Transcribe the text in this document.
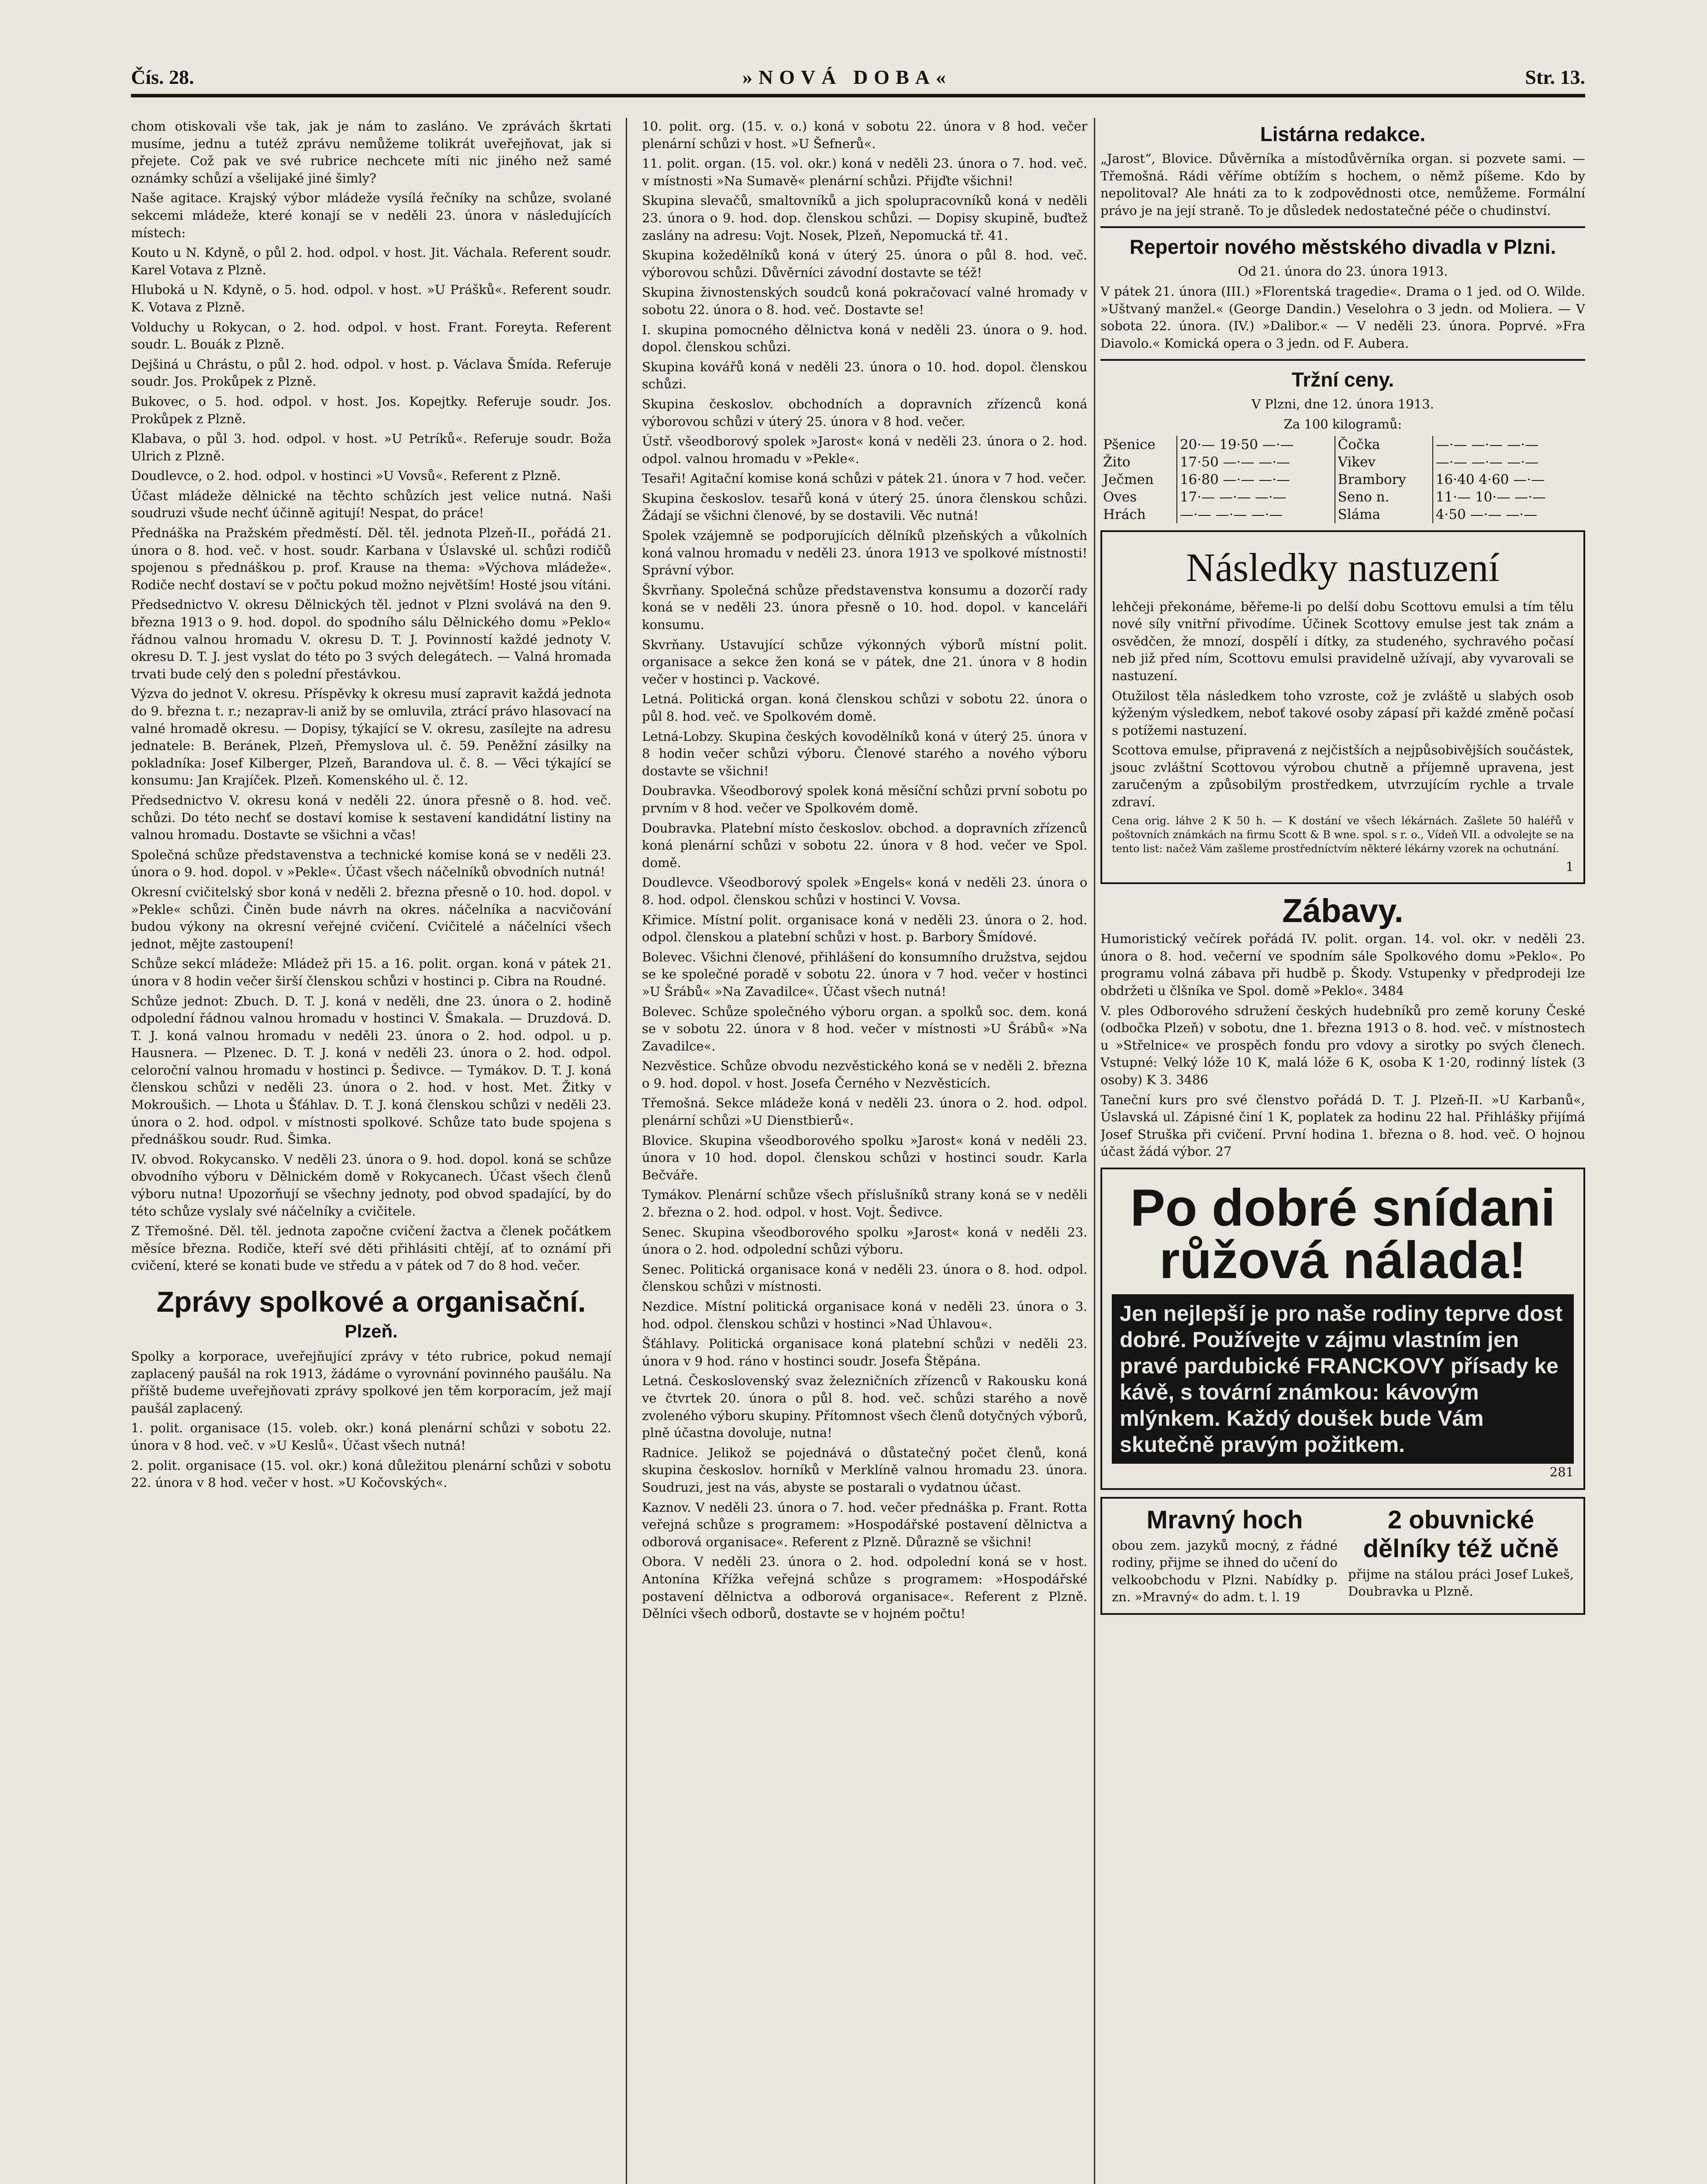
Čís. 28.	»NOVÁ DOBA«	Str. 13.

chom otiskovali vše tak, jak je nám to zasláno. Ve zprávách škrtati musíme, jednu a tutéž zprávu nemůžeme tolikrát uveřejňovat, jak si přejete. Což pak ve své rubrice nechcete míti nic jiného než samé oznámky schůzí a všelijaké jiné šimly?

Naše agitace. Krajský výbor mládeže vysílá řečníky na schůze, svolané sekcemi mládeže, které konají se v neděli 23. února v následujících místech:

Kouto u N. Kdyně, o půl 2. hod. odpol. v host. Jit. Váchala. Referent soudr. Karel Votava z Plzně.

Hluboká u N. Kdyně, o 5. hod. odpol. v host. »U Prášků«. Referent soudr. K. Votava z Plzně.

Volduchy u Rokycan, o 2. hod. odpol. v host. Frant. Foreyta. Referent soudr. L. Bouák z Plzně.

Dejšiná u Chrástu, o půl 2. hod. odpol. v host. p. Václava Šmída. Referuje soudr. Jos. Prokůpek z Plzně.

Bukovec, o 5. hod. odpol. v host. Jos. Kopejtky. Referuje soudr. Jos. Prokůpek z Plzně.

Klabava, o půl 3. hod. odpol. v host. »U Petríků«. Referuje soudr. Boža Ulrich z Plzně.

Doudlevce, o 2. hod. odpol. v hostinci »U Vovsů«. Referent z Plzně.

Účast mládeže dělnické na těchto schůzích jest velice nutná. Naši soudruzi všude nechť účinně agitují! Nespat, do práce!

Přednáška na Pražském předměstí. Děl. těl. jednota Plzeň-II., pořádá 21. února o 8. hod. več. v host. soudr. Karbana v Úslavské ul. schůzi rodičů spojenou s přednáškou p. prof. Krause na thema: »Výchova mládeže«. Rodiče nechť dostaví se v počtu pokud možno největším! Hosté jsou vítáni.

Předsednictvo V. okresu Dělnických těl. jednot v Plzni svolává na den 9. března 1913 o 9. hod. dopol. do spodního sálu Dělnického domu »Peklo« řádnou valnou hromadu V. okresu D. T. J. Povinností každé jednoty V. okresu D. T. J. jest vyslat do této po 3 svých delegátech. — Valná hromada trvati bude celý den s polední přestávkou.

Výzva do jednot V. okresu. Příspěvky k okresu musí zapravit každá jednota do 9. března t. r.; nezaprav-li aniž by se omluvila, ztrácí právo hlasovací na valné hromadě okresu. — Dopisy, týkající se V. okresu, zasílejte na adresu jednatele: B. Beránek, Plzeň, Přemyslova ul. č. 59. Peněžní zásilky na pokladníka: Josef Kilberger, Plzeň, Barandova ul. č. 8. — Věci týkající se konsumu: Jan Krajíček. Plzeň. Komenského ul. č. 12.

Předsednictvo V. okresu koná v neděli 22. února přesně o 8. hod. več. schůzi. Do této nechť se dostaví komise k sestavení kandidátní listiny na valnou hromadu. Dostavte se všichni a včas!

Společná schůze představenstva a technické komise koná se v neděli 23. února o 9. hod. dopol. v »Pekle«. Účast všech náčelníků obvodních nutná!

Okresní cvičitelský sbor koná v neděli 2. března přesně o 10. hod. dopol. v »Pekle« schůzi. Činěn bude návrh na okres. náčelníka a nacvičování budou výkony na okresní veřejné cvičení. Cvičitelé a náčelníci všech jednot, mějte zastoupení!

Schůze sekcí mládeže: Mládež při 15. a 16. polit. organ. koná v pátek 21. února v 8 hodin večer širší členskou schůzi v hostinci p. Cibra na Roudné.

Schůze jednot: Zbuch. D. T. J. koná v neděli, dne 23. února o 2. hodině odpolední řádnou valnou hromadu v hostinci V. Šmakala. — Druzdová. D. T. J. koná valnou hromadu v neděli 23. února o 2. hod. odpol. u p. Hausnera. — Plzenec. D. T. J. koná v neděli 23. února o 2. hod. odpol. celoroční valnou hromadu v hostinci p. Šedivce. — Tymákov. D. T. J. koná členskou schůzi v neděli 23. února o 2. hod. v host. Met. Žitky v Mokroušich. — Lhota u Šťáhlav. D. T. J. koná členskou schůzi v neděli 23. února o 2. hod. odpol. v místnosti spolkové. Schůze tato bude spojena s přednáškou soudr. Rud. Šimka.

IV. obvod. Rokycansko. V neděli 23. února o 9. hod. dopol. koná se schůze obvodního výboru v Dělnickém domě v Rokycanech. Účast všech členů výboru nutna! Upozorňují se všechny jednoty, pod obvod spadající, by do této schůze vyslaly své náčelníky a cvičitele.

Z Třemošné. Děl. těl. jednota započne cvičení žactva a členek počátkem měsíce března. Rodiče, kteří své děti přihlásiti chtějí, ať to oznámí při cvičení, které se konati bude ve středu a v pátek od 7 do 8 hod. večer.

Zprávy spolkové a organisační.
Plzeň.

Spolky a korporace, uveřejňující zprávy v této rubrice, pokud nemají zaplacený paušál na rok 1913, žádáme o vyrovnání povinného paušálu. Na příště budeme uveřejňovati zprávy spolkové jen těm korporacím, jež mají paušál zaplacený.

1. polit. organisace (15. voleb. okr.) koná plenární schůzi v sobotu 22. února v 8 hod. več. v »U Keslů«. Účast všech nutná!

2. polit. organisace (15. vol. okr.) koná důležitou plenární schůzi v sobotu 22. února v 8 hod. večer v host. »U Kočovských«.

10. polit. org. (15. v. o.) koná v sobotu 22. února v 8 hod. večer plenární schůzi v host. »U Šefnerů«.

11. polit. organ. (15. vol. okr.) koná v neděli 23. února o 7. hod. več. v místnosti »Na Sumavě« plenární schůzi. Přijďte všichni!

Skupina slevačů, smaltovníků a jich spolupracovníků koná v neděli 23. února o 9. hod. dop. členskou schůzi. — Dopisy skupině, buďtež zaslány na adresu: Vojt. Nosek, Plzeň, Nepomucká tř. 41.

Skupina kožedělníků koná v úterý 25. února o půl 8. hod. več. výborovou schůzi. Důvěrníci závodní dostavte se též!

Skupina živnostenských soudců koná pokračovací valné hromady v sobotu 22. února o 8. hod. več. Dostavte se!

I. skupina pomocného dělnictva koná v neděli 23. února o 9. hod. dopol. členskou schůzi.

Skupina kovářů koná v neděli 23. února o 10. hod. dopol. členskou schůzi.

Skupina českoslov. obchodních a dopravních zřízenců koná výborovou schůzi v úterý 25. února v 8 hod. večer.

Ústř. všeodborový spolek »Jarost« koná v neděli 23. února o 2. hod. odpol. valnou hromadu v »Pekle«.

Tesaři! Agitační komise koná schůzi v pátek 21. února v 7 hod. večer.

Skupina českoslov. tesařů koná v úterý 25. února členskou schůzi. Žádají se všichni členové, by se dostavili. Věc nutná!

Spolek vzájemně se podporujících dělníků plzeňských a vůkolních koná valnou hromadu v neděli 23. února 1913 ve spolkové místnosti! Správní výbor.

Škvrňany. Společná schůze představenstva konsumu a dozorčí rady koná se v neděli 23. února přesně o 10. hod. dopol. v kanceláři konsumu.

Skvrňany. Ustavující schůze výkonných výborů místní polit. organisace a sekce žen koná se v pátek, dne 21. února v 8 hodin večer v hostinci p. Vackové.

Letná. Politická organ. koná členskou schůzi v sobotu 22. února o půl 8. hod. več. ve Spolkovém domě.

Letná-Lobzy. Skupina českých kovodělníků koná v úterý 25. února v 8 hodin večer schůzi výboru. Členové starého a nového výboru dostavte se všichni!

Doubravka. Všeodborový spolek koná měsíční schůzi první sobotu po prvním v 8 hod. večer ve Spolkovém domě.

Doubravka. Platební místo českoslov. obchod. a dopravních zřízenců koná plenární schůzi v sobotu 22. února v 8 hod. večer ve Spol. domě.

Doudlevce. Všeodborový spolek »Engels« koná v neděli 23. února o 8. hod. odpol. členskou schůzi v hostinci V. Vovsa.

Křimice. Místní polit. organisace koná v neděli 23. února o 2. hod. odpol. členskou a platební schůzi v host. p. Barbory Šmídové.

Bolevec. Všichni členové, přihlášení do konsumního družstva, sejdou se ke společné poradě v sobotu 22. února v 7 hod. večer v hostinci »U Šrábů« »Na Zavadilce«. Účast všech nutná!

Bolevec. Schůze společného výboru organ. a spolků soc. dem. koná se v sobotu 22. února v 8 hod. večer v místnosti »U Šrábů« »Na Zavadilce«.

Nezvěstice. Schůze obvodu nezvěstického koná se v neděli 2. března o 9. hod. dopol. v host. Josefa Černého v Nezvěsticích.

Třemošná. Sekce mládeže koná v neděli 23. února o 2. hod. odpol. plenární schůzi »U Dienstbierů«.

Blovice. Skupina všeodborového spolku »Jarost« koná v neděli 23. února v 10 hod. dopol. členskou schůzi v hostinci soudr. Karla Bečváře.

Tymákov. Plenární schůze všech příslušníků strany koná se v neděli 2. března o 2. hod. odpol. v host. Vojt. Šedivce.

Senec. Skupina všeodborového spolku »Jarost« koná v neděli 23. února o 2. hod. odpolední schůzi výboru.

Senec. Politická organisace koná v neděli 23. února o 8. hod. odpol. členskou schůzi v místnosti.

Nezdice. Místní politická organisace koná v neděli 23. února o 3. hod. odpol. členskou schůzi v hostinci »Nad Úhlavou«.

Šťáhlavy. Politická organisace koná platební schůzi v neděli 23. února v 9 hod. ráno v hostinci soudr. Josefa Štěpána.

Letná. Československý svaz železničních zřízenců v Rakousku koná ve čtvrtek 20. února o půl 8. hod. več. schůzi starého a nově zvoleného výboru skupiny. Přítomnost všech členů dotyčných výborů, plně účastna dovoluje, nutna!

Radnice. Jelikož se pojednává o důstatečný počet členů, koná skupina českoslov. horníků v Merklíně valnou hromadu 23. února. Soudruzi, jest na vás, abyste se postarali o vydatnou účast.

Kaznov. V neděli 23. února o 7. hod. večer přednáška p. Frant. Rotta veřejná schůze s programem: »Hospodářské postavení dělnictva a odborová organisace«. Referent z Plzně. Důrazně se všichni!

Obora. V neděli 23. února o 2. hod. odpolední koná se v host. Antonína Křížka veřejná schůze s programem: »Hospodářské postavení dělnictva a odborová organisace«. Referent z Plzně. Dělníci všech odborů, dostavte se v hojném počtu!

Listárna redakce.

„Jarost“, Blovice. Důvěrníka a místodůvěrníka organ. si pozvete sami. — Třemošná. Rádi věříme obtížím s hochem, o němž píšeme. Kdo by nepolitoval? Ale hnáti za to k zodpovědnosti otce, nemůžeme. Formální právo je na její straně. To je důsledek nedostatečné péče o chudinství.

Repertoir nového městského divadla v Plzni.

Od 21. února do 23. února 1913.

V pátek 21. února (III.) »Florentská tragedie«. Drama o 1 jed. od O. Wilde. »Uštvaný manžel.« (George Dandin.) Veselohra o 3 jedn. od Moliera. — V sobota 22. února. (IV.) »Dalibor.« — V neděli 23. února. Poprvé. »Fra Diavolo.« Komická opera o 3 jedn. od F. Aubera.

Tržní ceny.

V Plzni, dne 12. února 1913.

Za 100 kilogramů:

Pšenice	20·— 19·50 —·—	Čočka	—·— —·— —·—
Žito	17·50 —·— —·—	Vikev	—·— —·— —·—
Ječmen	16·80 —·— —·—	Brambory	16·40 4·60 —·—
Oves	17·— —·— —·—	Seno n.	11·— 10·— —·—
Hrách	—·— —·— —·—	Sláma	4·50 —·— —·—
Následky nastuzení

lehčeji překonáme, běřeme-li po delší dobu Scottovu emulsi a tím tělu nové síly vnitřní přivodíme. Účinek Scottovy emulse jest tak znám a osvědčen, že mnozí, dospělí i dítky, za studeného, sychravého počasí neb již před ním, Scottovu emulsi pravidelně užívají, aby vyvarovali se nastuzení.

Otužilost těla následkem toho vzroste, což je zvláště u slabých osob kýženým výsledkem, neboť takové osoby zápasí při každé změně počasí s potížemi nastuzení.

Scottova emulse, připravená z nejčistších a nejpůsobivějších součástek, jsouc zvláštní Scottovou výrobou chutně a příjemně upravena, jest zaručeným a způsobilým prostředkem, utvrzujícím rychle a trvale zdraví.

Cena orig. láhve 2 K 50 h. — K dostání ve všech lékárnách. Zašlete 50 haléřů v poštovních známkách na firmu Scott & B wne. spol. s r. o., Vídeň VII. a odvolejte se na tento list: načež Vám zašleme prostředníctvím některé lékárny vzorek na ochutnání.

1

Zábavy.

Humoristický večírek pořádá IV. polit. organ. 14. vol. okr. v neděli 23. února o 8. hod. večerní ve spodním sále Spolkového domu »Peklo«. Po programu volná zábava při hudbě p. Škody. Vstupenky v předprodeji lze obdržeti u člšníka ve Spol. domě »Peklo«. 3484

V. ples Odborového sdružení českých hudebníků pro země koruny České (odbočka Plzeň) v sobotu, dne 1. března 1913 o 8. hod. več. v místnostech u »Střelnice« ve prospěch fondu pro vdovy a sirotky po svých členech. Vstupné: Velký lóže 10 K, malá lóže 6 K, osoba K 1·20, rodinný lístek (3 osoby) K 3. 3486

Taneční kurs pro své členstvo pořádá D. T. J. Plzeň-II. »U Karbanů«, Úslavská ul. Zápisné činí 1 K, poplatek za hodinu 22 hal. Přihlášky přijímá Josef Struška při cvičení. První hodina 1. března o 8. hod. več. O hojnou účast žádá výbor. 27

Po dobré snídani růžová nálada!
Jen nejlepší je pro naše rodiny teprve dost dobré. Používejte v zájmu vlastním jen pravé pardubické FRANCKOVY přísady ke kávě, s tovární známkou: kávovým mlýnkem. Každý doušek bude Vám skutečně pravým požitkem.

281

Mravný hoch

obou zem. jazyků mocný, z řádné rodiny, přijme se ihned do učení do velkoobchodu v Plzni. Nabídky p. zn. »Mravný« do adm. t. l. 19

2 obuvnické dělníky též učně

přijme na stálou práci Josef Lukeš, Doubravka u Plzně.
